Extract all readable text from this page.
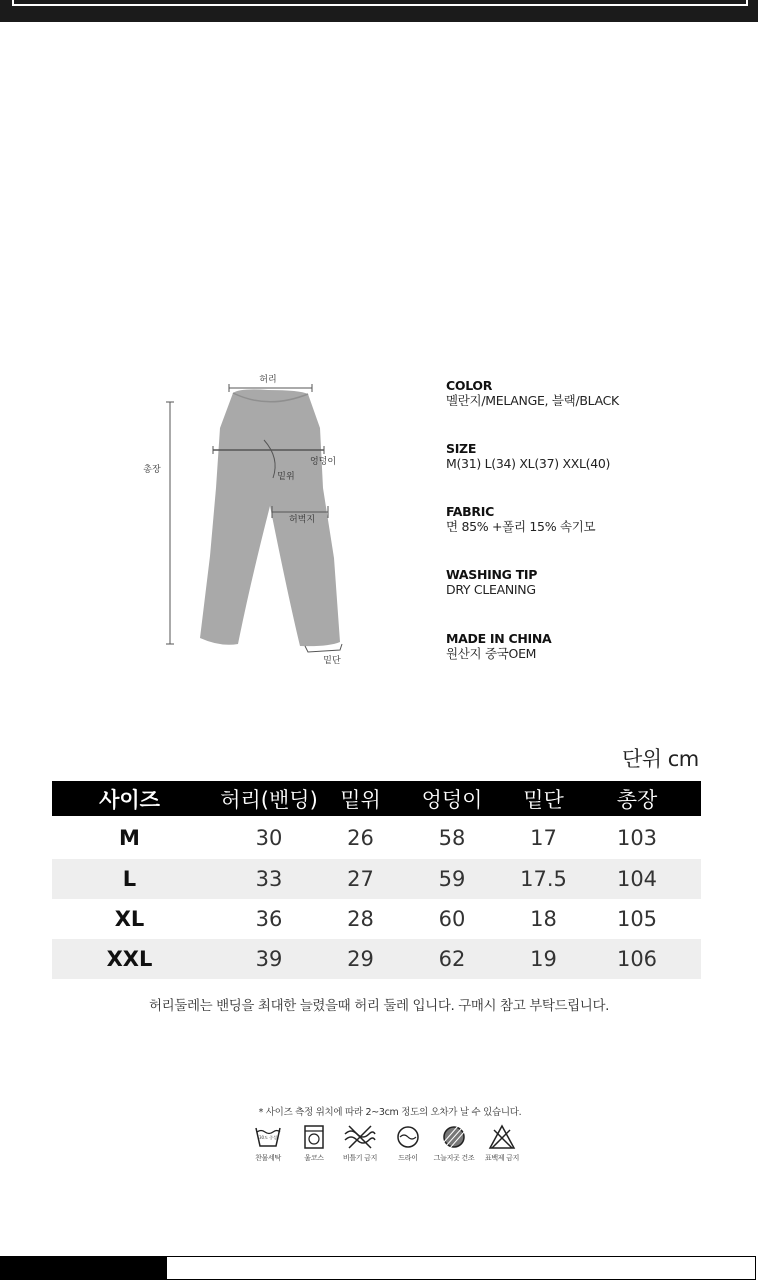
허리
총장
밑위
엉덩이
허벅지
밑단
COLOR
멜란지/MELANGE, 블랙/BLACK
SIZE
M(31) L(34) XL(37) XXL(40)
FABRIC
면 85% +폴리 15% 속기모
WASHING TIP
DRY CLEANING
MADE IN CHINA
원산지 중국OEM
단위 cm
사이즈	허리(밴딩)	밑위	엉덩이	밑단	총장
M	30	26	58	17	103
L	33	27	59	17.5	104
XL	36	28	60	18	105
XXL	39	29	62	19	106
허리둘레는 밴딩을 최대한 늘렸을때 허리 둘레 입니다. 구매시 참고 부탁드립니다.
* 사이즈 측정 위치에 따라 2~3cm 정도의 오차가 날 수 있습니다.
30도 중성
찬물세탁	울코스	비틀기 금지	드라이	그늘지곳 건조	표백제 금지
